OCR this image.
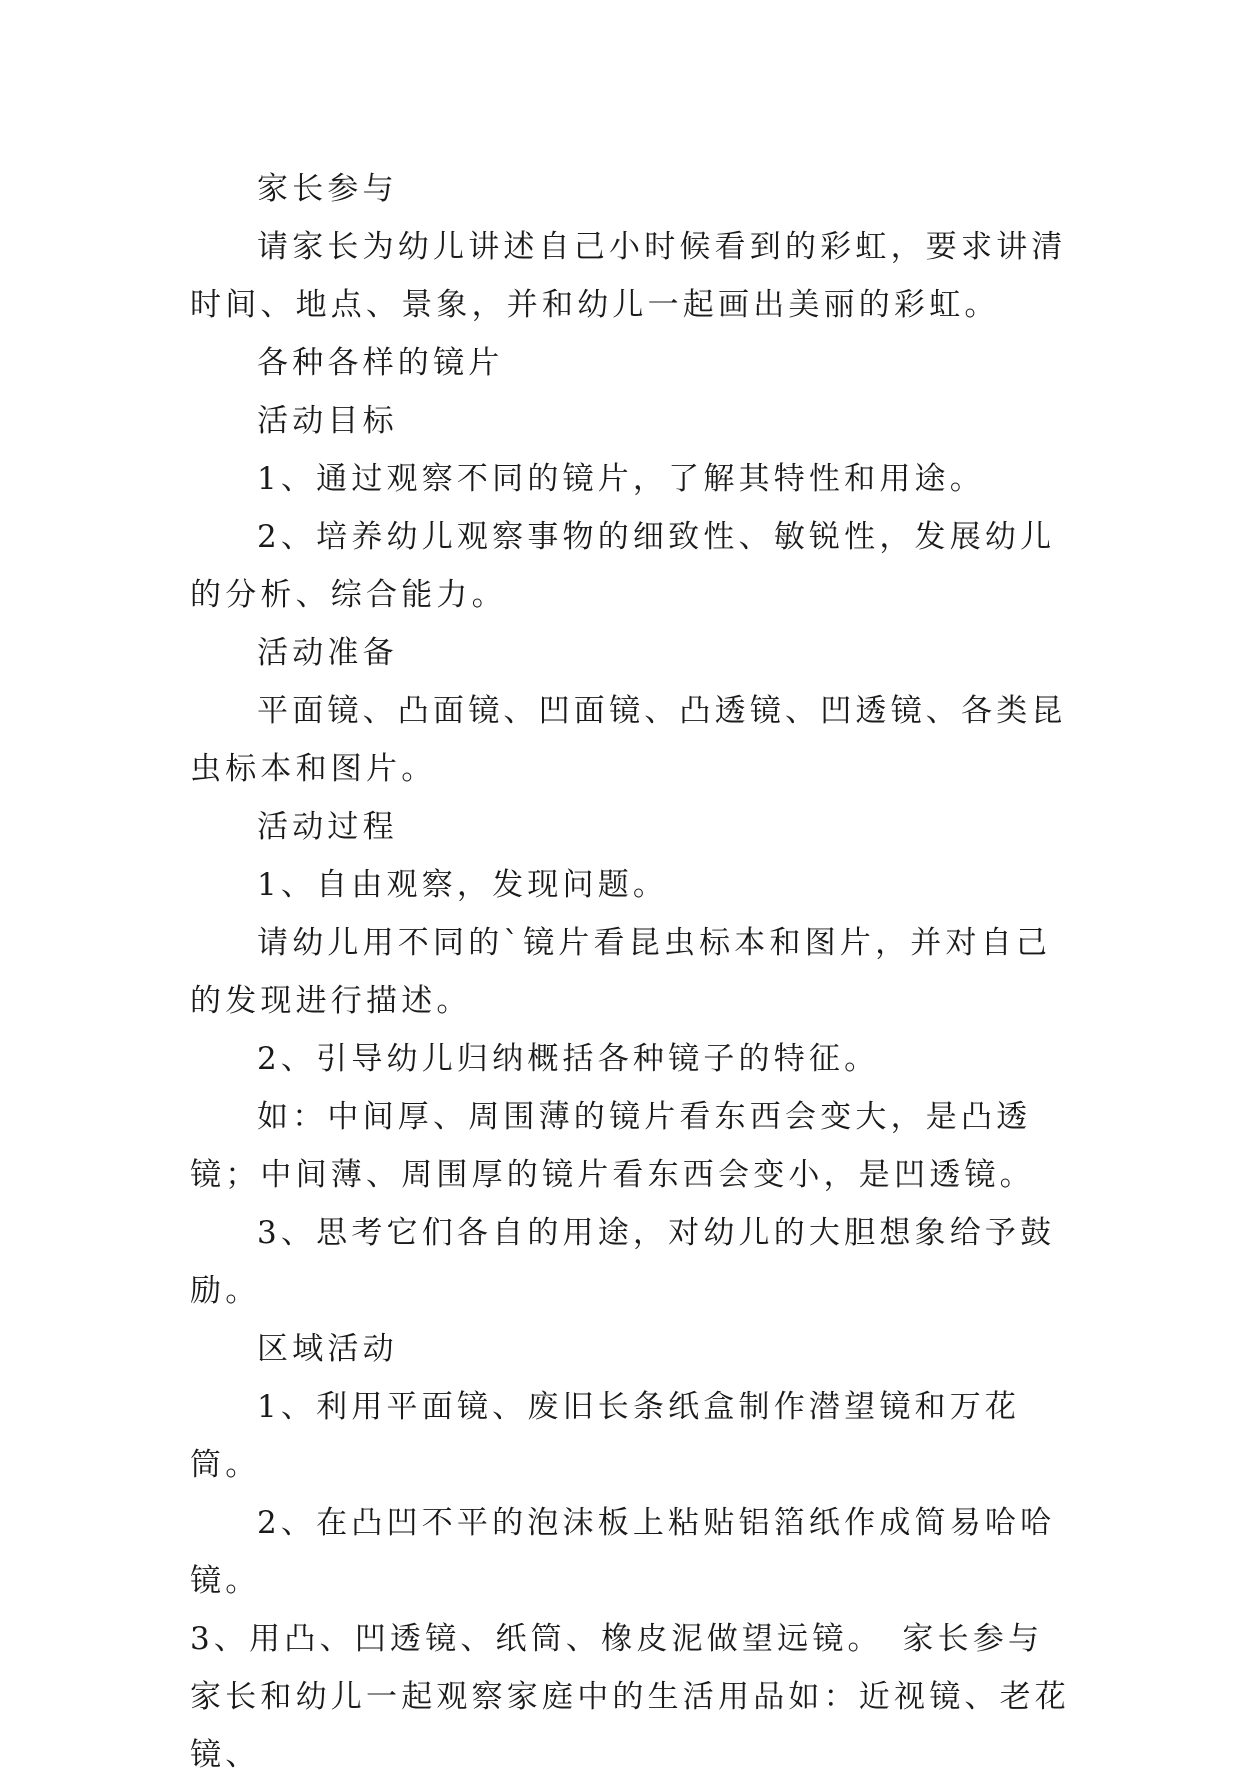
家长参与
请家长为幼儿讲述自己小时候看到的彩虹，要求讲清时间、地点、景象，并和幼儿一起画出美丽的彩虹。
各种各样的镜片
活动目标
1、通过观察不同的镜片，了解其特性和用途。
2、培养幼儿观察事物的细致性、敏锐性，发展幼儿的分析、综合能力。
活动准备
平面镜、凸面镜、凹面镜、凸透镜、凹透镜、各类昆虫标本和图片。
活动过程
1、自由观察，发现问题。
请幼儿用不同的`镜片看昆虫标本和图片，并对自己的发现进行描述。
2、引导幼儿归纳概括各种镜子的特征。
如：中间厚、周围薄的镜片看东西会变大，是凸透镜；中间薄、周围厚的镜片看东西会变小，是凹透镜。
3、思考它们各自的用途，对幼儿的大胆想象给予鼓励。
区域活动
1、利用平面镜、废旧长条纸盒制作潜望镜和万花筒。
2、在凸凹不平的泡沫板上粘贴铝箔纸作成简易哈哈镜。
3、用凸、凹透镜、纸筒、橡皮泥做望远镜。　家长参与家长和幼儿一起观察家庭中的生活用品如：近视镜、老花镜、
